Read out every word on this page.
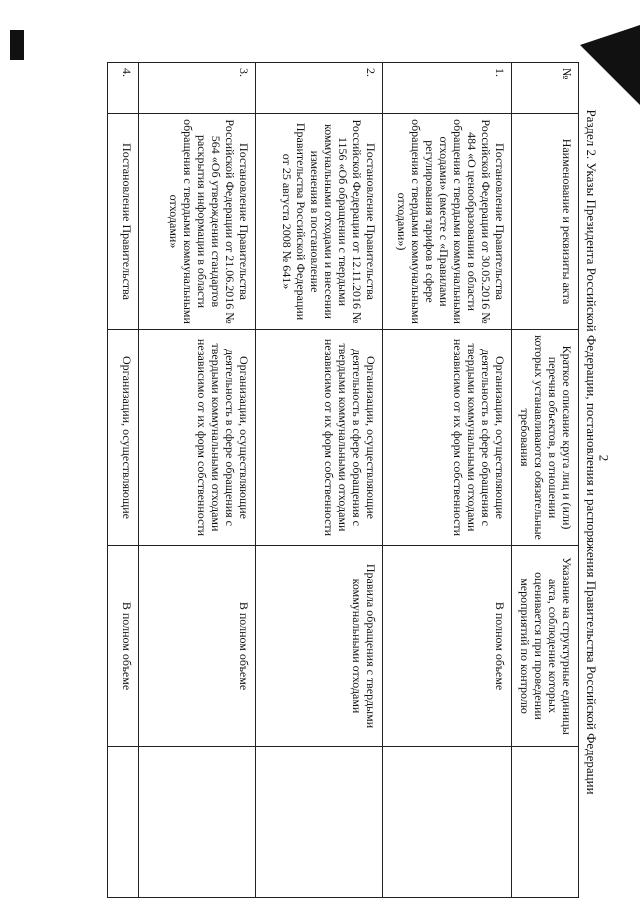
2
Раздел 2. Указы Президента Российской Федерации, постановления и распоряжения Правительства Российской Федерации
№	Наименование и реквизиты акта	Краткое описание круга лиц и (или) перечня объектов, в отношении которых устанавливаются обязательные требования	Указание на структурные единицы акта, соблюдение которых оценивается при проведении мероприятий по контролю	
1.	Постановление Правительства Российской Федерации от 30.05.2016 № 484 «О ценообразовании в области обращения с твердыми коммунальными отходами» (вместе с «Правилами регулирования тарифов в сфере обращения с твердыми коммунальными отходами»)	Организации, осуществляющие деятельность в сфере обращения с твердыми коммунальными отходами независимо от их форм собственности	В полном объеме	
2.	Постановление Правительства Российской Федерации от 12.11.2016 № 1156 «Об обращении с твердыми коммунальными отходами и внесении изменения в постановление Правительства Российской Федерации от 25 августа 2008 № 641»	Организации, осуществляющие деятельность в сфере обращения с твердыми коммунальными отходами независимо от их форм собственности	Правила обращения с твердыми коммунальными отходами	
3.	Постановление Правительства Российской Федерации от 21.06.2016 № 564 «Об утверждении стандартов раскрытия информации в области обращения с твердыми коммунальными отходами»	Организации, осуществляющие деятельность в сфере обращения с твердыми коммунальными отходами независимо от их форм собственности	В полном объеме	
4.	Постановление Правительства	Организации, осуществляющие	В полном объеме	
